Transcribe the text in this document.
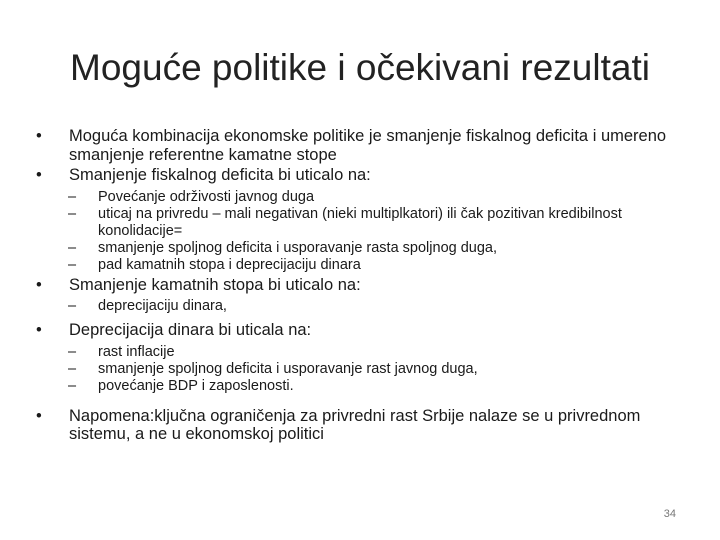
Moguće politike i očekivani rezultati
• Moguća kombinacija ekonomske politike je smanjenje fiskalnog deficita i umereno smanjenje referentne kamatne stope
• Smanjenje fiskalnog deficita bi uticalo na:
– Povećanje održivosti javnog duga
– uticaj na privredu – mali negativan (nieki multiplkatori) ili čak pozitivan kredibilnost konolidacije=
– smanjenje spoljnog deficita i usporavanje rasta spoljnog duga,
– pad kamatnih stopa i deprecijaciju dinara
• Smanjenje kamatnih stopa bi uticalo na:
– deprecijaciju dinara,
• Deprecijacija dinara bi uticala na:
– rast inflacije
– smanjenje spoljnog deficita i usporavanje rast javnog duga,
– povećanje BDP i zaposlenosti.
• Napomena:ključna ograničenja za privredni rast Srbije nalaze se u privrednom sistemu, a ne u ekonomskoj politici
34
